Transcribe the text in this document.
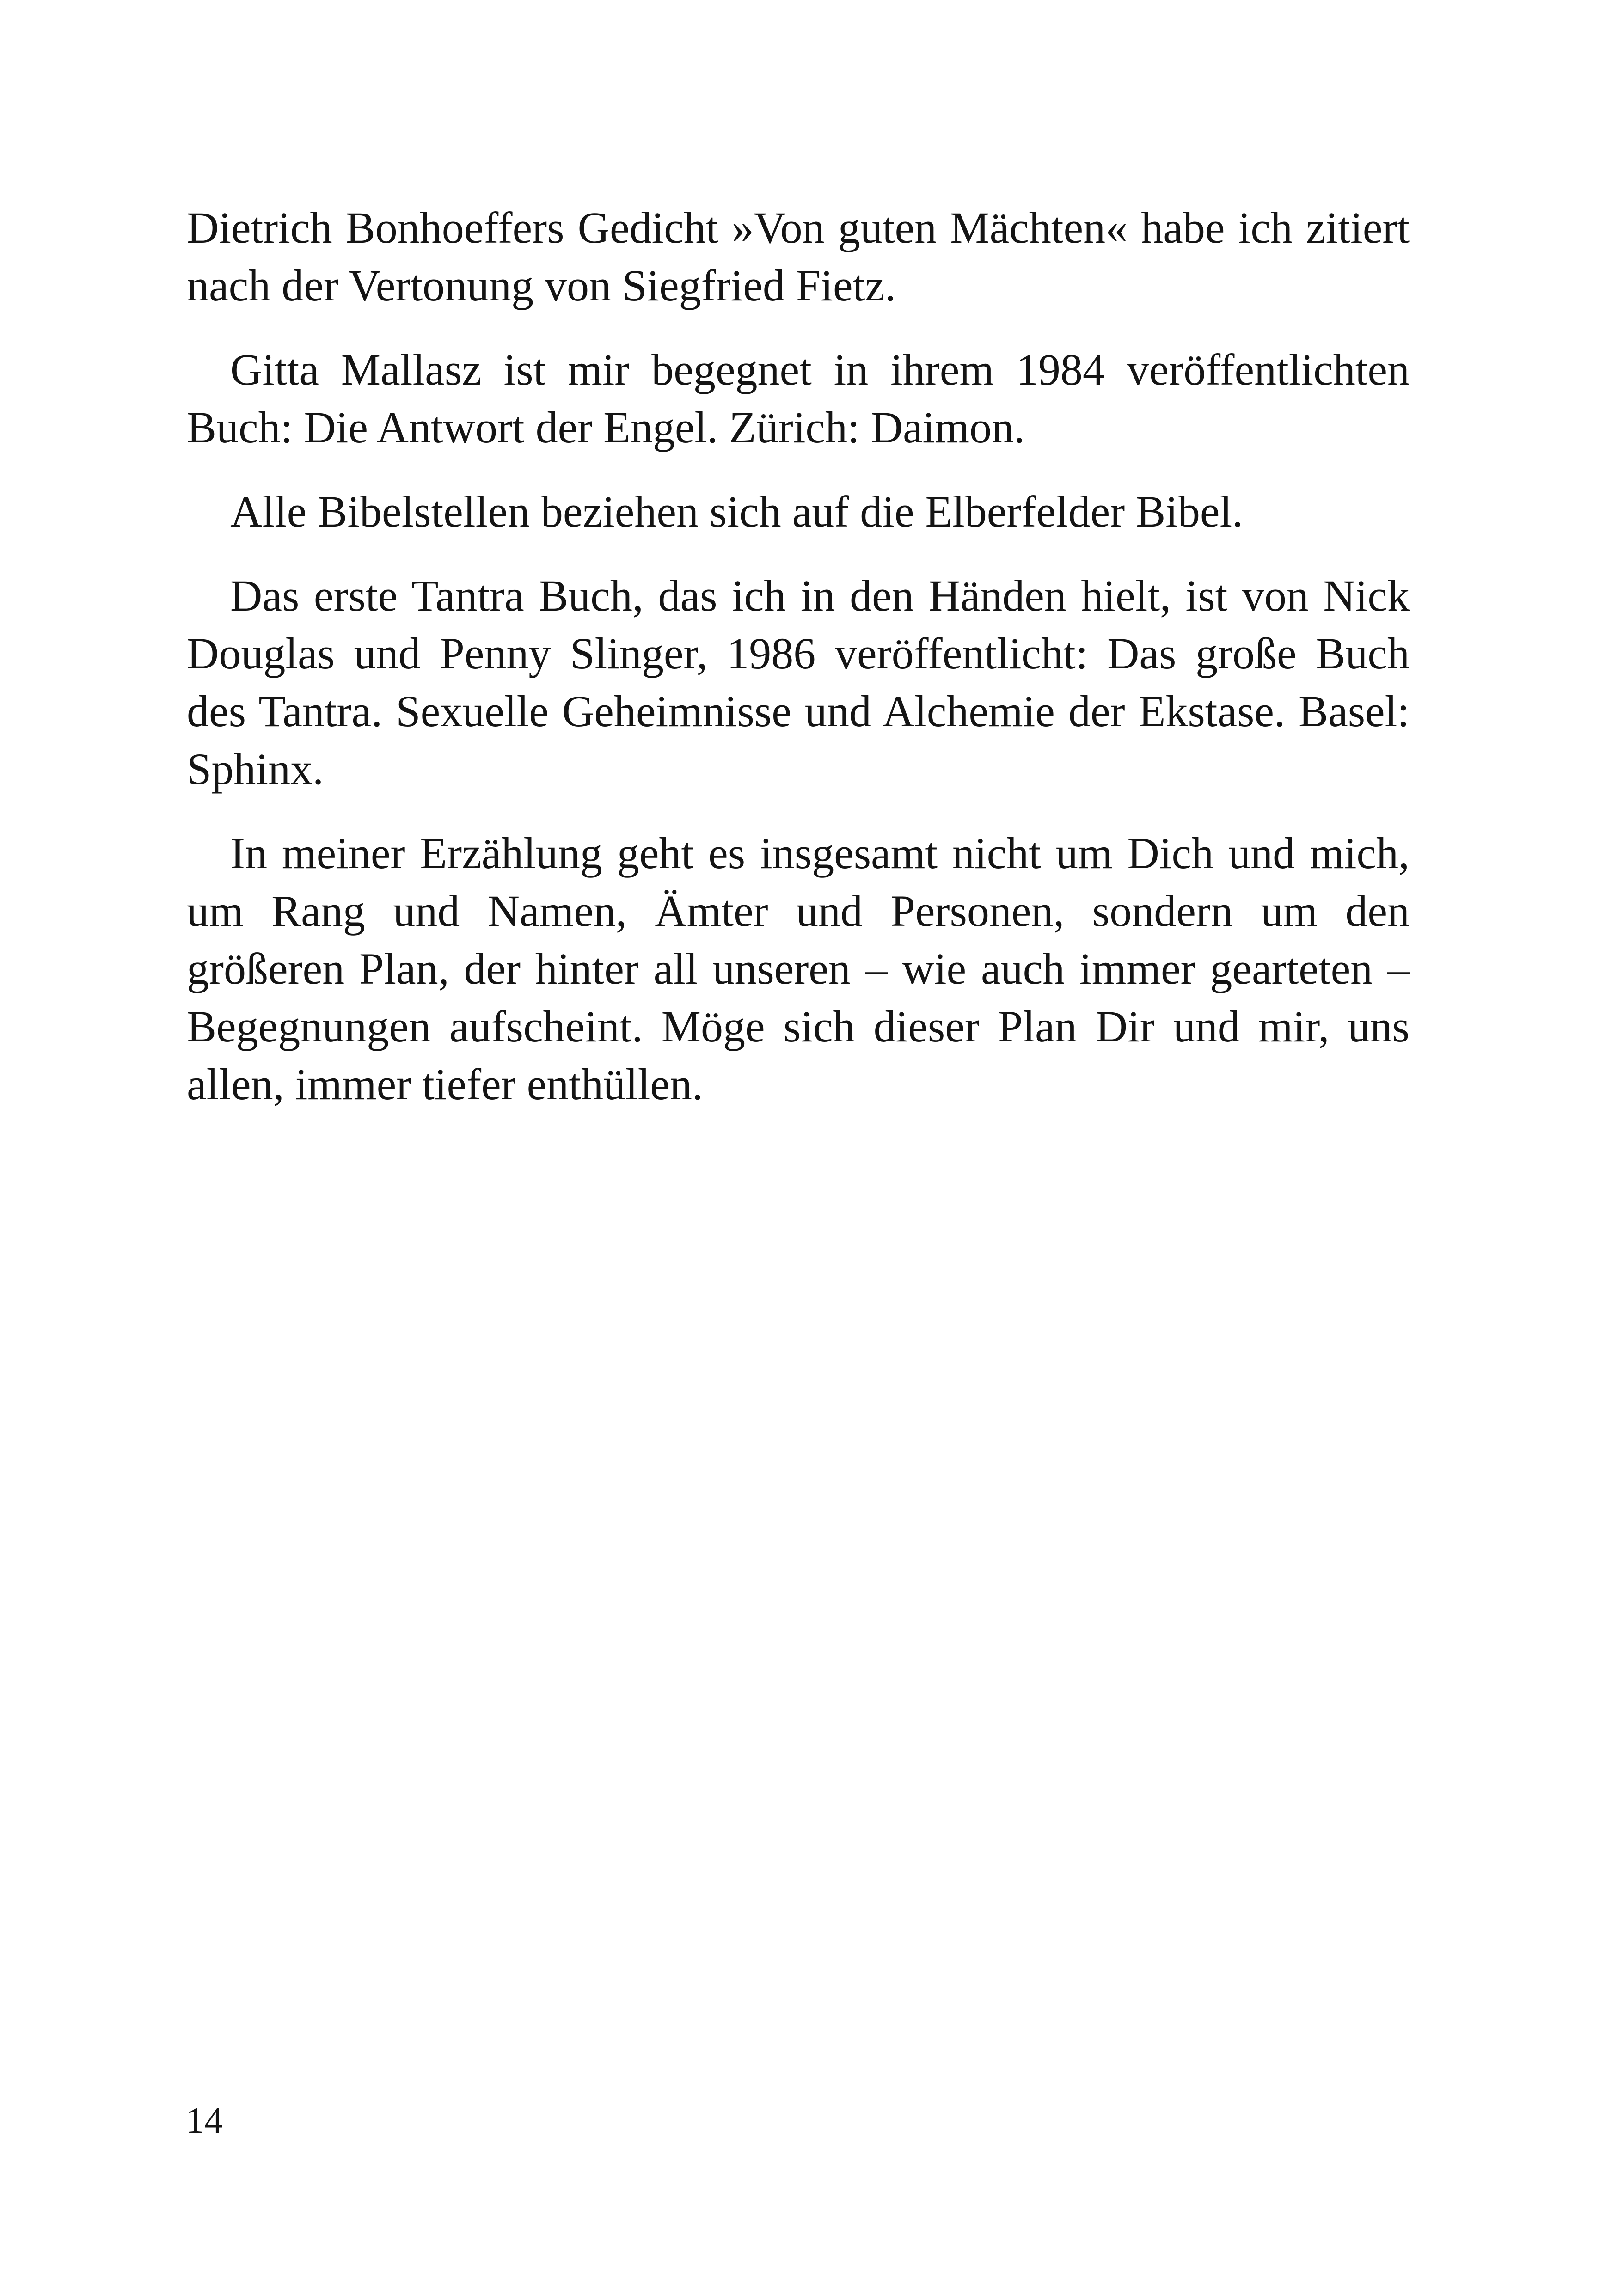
Dietrich Bonhoeffers Gedicht »Von guten Mächten« habe ich zitiert nach der Vertonung von Siegfried Fietz.

Gitta Mallasz ist mir begegnet in ihrem 1984 veröffentlichten Buch: Die Antwort der Engel. Zürich: Daimon.

Alle Bibelstellen beziehen sich auf die Elberfelder Bibel.

Das erste Tantra Buch, das ich in den Händen hielt, ist von Nick Douglas und Penny Slinger, 1986 veröffentlicht: Das große Buch des Tantra. Sexuelle Geheimnisse und Alchemie der Ekstase. Basel: Sphinx.

In meiner Erzählung geht es insgesamt nicht um Dich und mich, um Rang und Namen, Ämter und Personen, sondern um den größeren Plan, der hinter all unseren – wie auch immer gearteten – Begegnungen aufscheint. Möge sich dieser Plan Dir und mir, uns allen, immer tiefer enthüllen.

14
